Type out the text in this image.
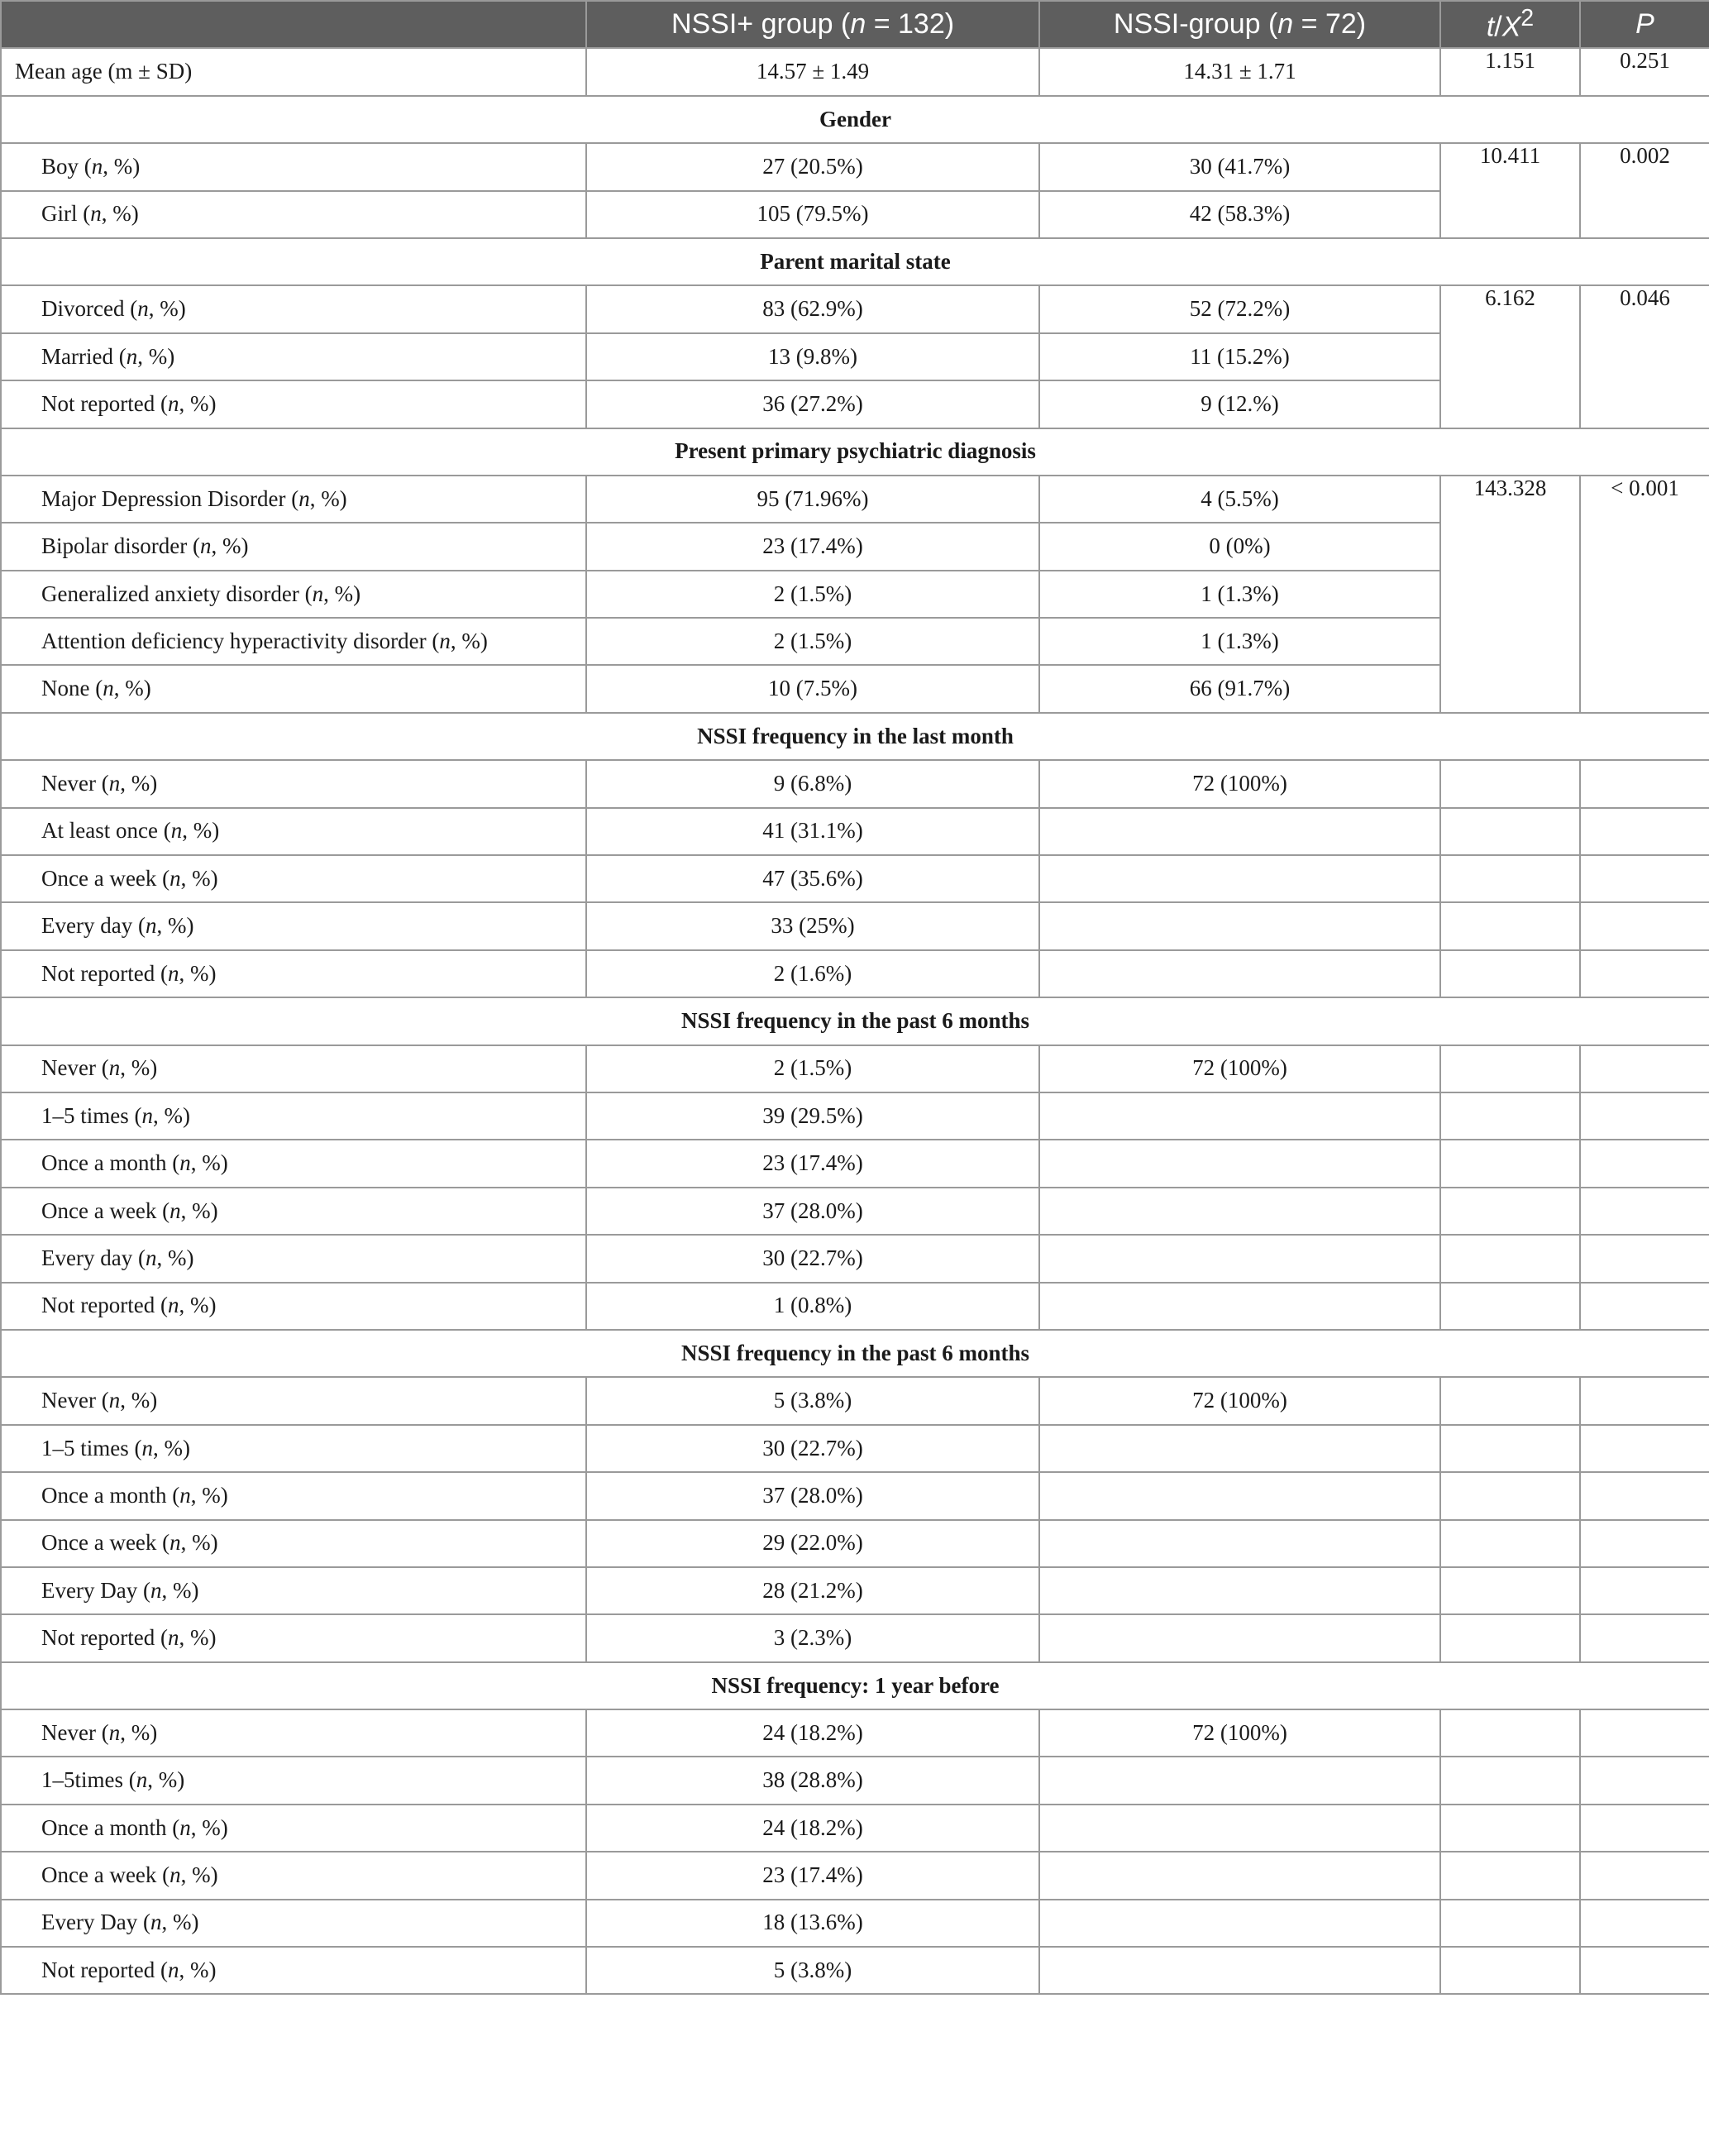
	NSSI+ group (n = 132)	NSSI-group (n = 72)	$t/X^2$	P
Mean age (m ± SD)	14.57 ± 1.49	14.31 ± 1.71	1.151	0.251
Gender				
Boy (n, %)	27 (20.5%)	30 (41.7%)	10.411	0.002
Girl (n, %)	105 (79.5%)	42 (58.3%)		
Parent marital state				
Divorced (n, %)	83 (62.9%)	52 (72.2%)	6.162	0.046
Married (n, %)	13 (9.8%)	11 (15.2%)		
Not reported (n, %)	36 (27.2%)	9 (12.%)		
Present primary psychiatric diagnosis				
Major Depression Disorder (n, %)	95 (71.96%)	4 (5.5%)	143.328	< 0.001
Bipolar disorder (n, %)	23 (17.4%)	0 (0%)		
Generalized anxiety disorder (n, %)	2 (1.5%)	1 (1.3%)		
Attention deficiency hyperactivity disorder (n, %)	2 (1.5%)	1 (1.3%)		
None (n, %)	10 (7.5%)	66 (91.7%)		
NSSI frequency in the last month				
Never (n, %)	9 (6.8%)	72 (100%)		
At least once (n, %)	41 (31.1%)			
Once a week (n, %)	47 (35.6%)			
Every day (n, %)	33 (25%)			
Not reported (n, %)	2 (1.6%)			
NSSI frequency in the past 6 months				
Never (n, %)	2 (1.5%)	72 (100%)		
1–5 times (n, %)	39 (29.5%)			
Once a month (n, %)	23 (17.4%)			
Once a week (n, %)	37 (28.0%)			
Every day (n, %)	30 (22.7%)			
Not reported (n, %)	1 (0.8%)			
NSSI frequency in the past 6 months				
Never (n, %)	5 (3.8%)	72 (100%)		
1–5 times (n, %)	30 (22.7%)			
Once a month (n, %)	37 (28.0%)			
Once a week (n, %)	29 (22.0%)			
Every Day (n, %)	28 (21.2%)			
Not reported (n, %)	3 (2.3%)			
NSSI frequency: 1 year before				
Never (n, %)	24 (18.2%)	72 (100%)		
1–5times (n, %)	38 (28.8%)			
Once a month (n, %)	24 (18.2%)			
Once a week (n, %)	23 (17.4%)			
Every Day (n, %)	18 (13.6%)			
Not reported (n, %)	5 (3.8%)			
